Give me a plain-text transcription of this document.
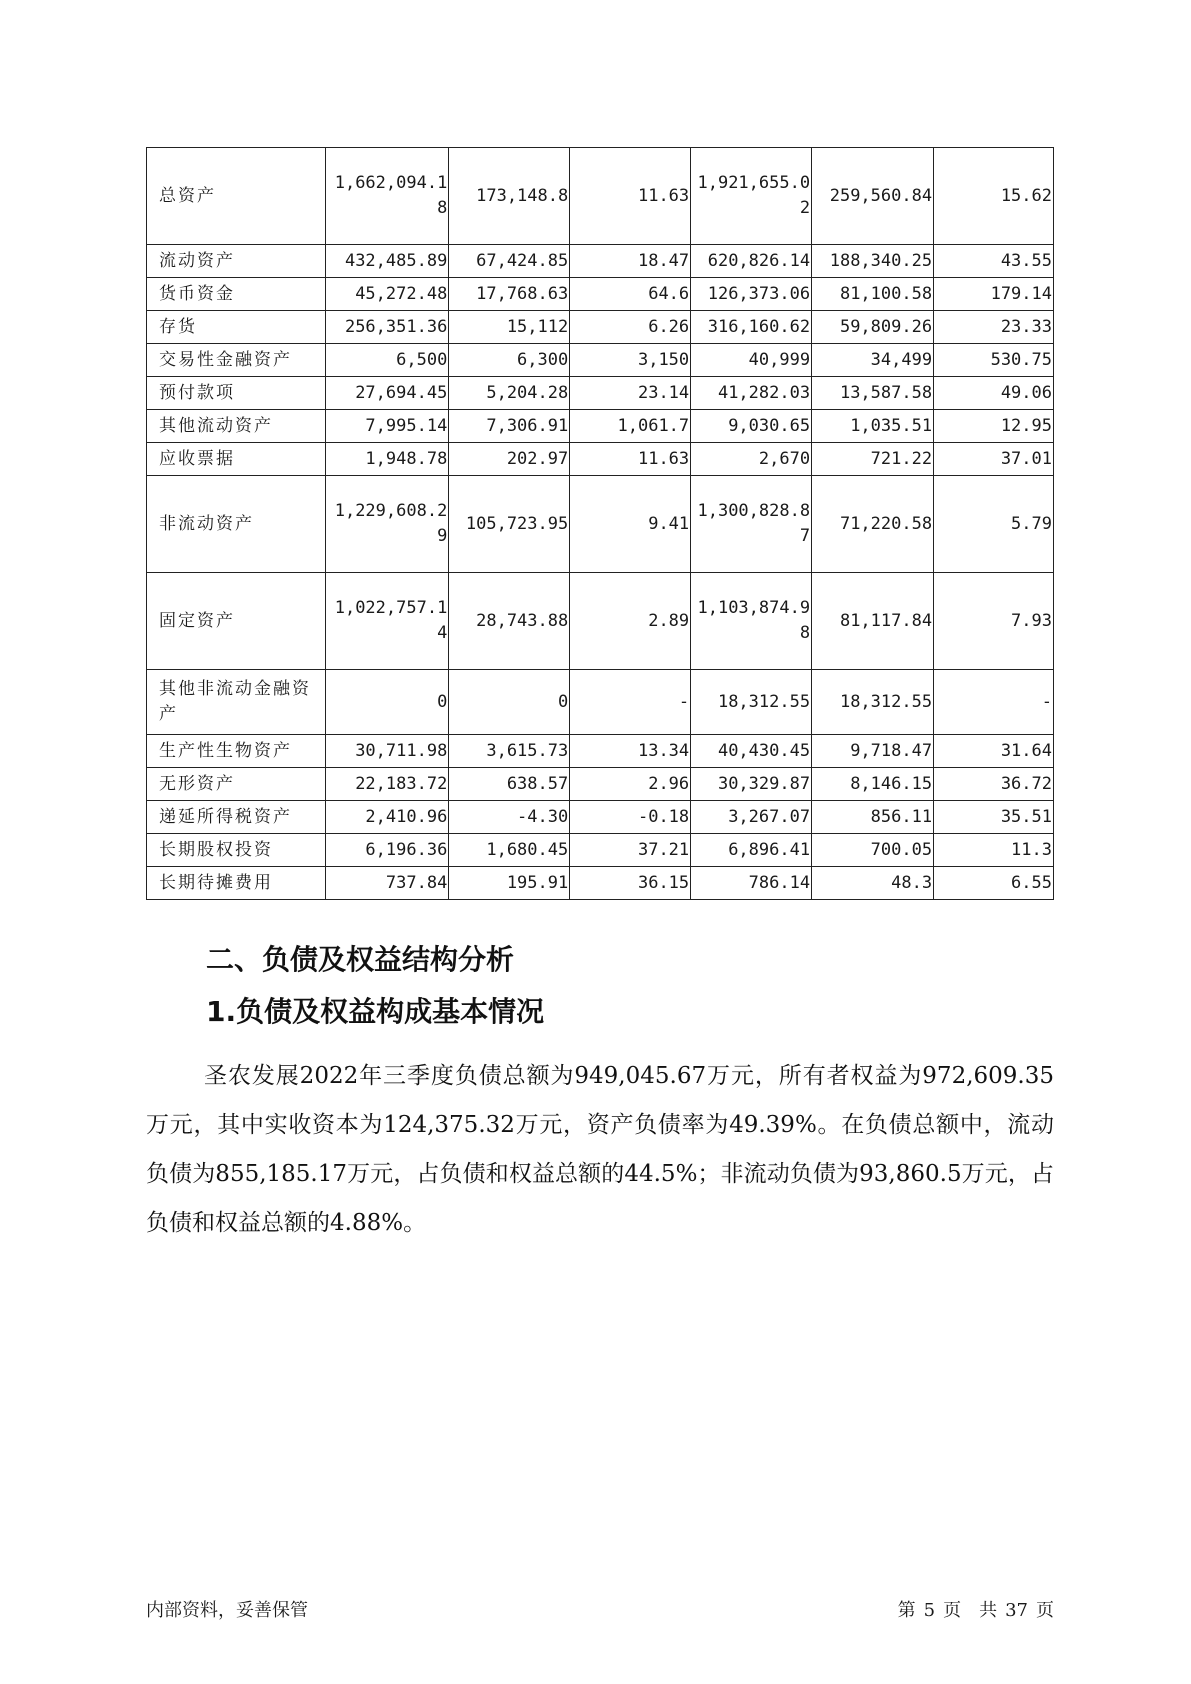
总资产	1,662,094.18	173,148.8	11.63	1,921,655.02	259,560.84	15.62
流动资产	432,485.89	67,424.85	18.47	620,826.14	188,340.25	43.55
货币资金	45,272.48	17,768.63	64.6	126,373.06	81,100.58	179.14
存货	256,351.36	15,112	6.26	316,160.62	59,809.26	23.33
交易性金融资产	6,500	6,300	3,150	40,999	34,499	530.75
预付款项	27,694.45	5,204.28	23.14	41,282.03	13,587.58	49.06
其他流动资产	7,995.14	7,306.91	1,061.7	9,030.65	1,035.51	12.95
应收票据	1,948.78	202.97	11.63	2,670	721.22	37.01
非流动资产	1,229,608.29	105,723.95	9.41	1,300,828.87	71,220.58	5.79
固定资产	1,022,757.14	28,743.88	2.89	1,103,874.98	81,117.84	7.93
其他非流动金融资产	0	0	-	18,312.55	18,312.55	-
生产性生物资产	30,711.98	3,615.73	13.34	40,430.45	9,718.47	31.64
无形资产	22,183.72	638.57	2.96	30,329.87	8,146.15	36.72
递延所得税资产	2,410.96	-4.30	-0.18	3,267.07	856.11	35.51
长期股权投资	6,196.36	1,680.45	37.21	6,896.41	700.05	11.3
长期待摊费用	737.84	195.91	36.15	786.14	48.3	6.55
二、负债及权益结构分析
1.负债及权益构成基本情况

圣农发展2022年三季度负债总额为949,045.67万元，所有者权益为972,609.35万元，其中实收资本为124,375.32万元，资产负债率为49.39%。在负债总额中，流动负债为855,185.17万元，占负债和权益总额的44.5%；非流动负债为93,860.5万元，占负债和权益总额的4.88%。

内部资料，妥善保管	第 5 页　共 37 页
